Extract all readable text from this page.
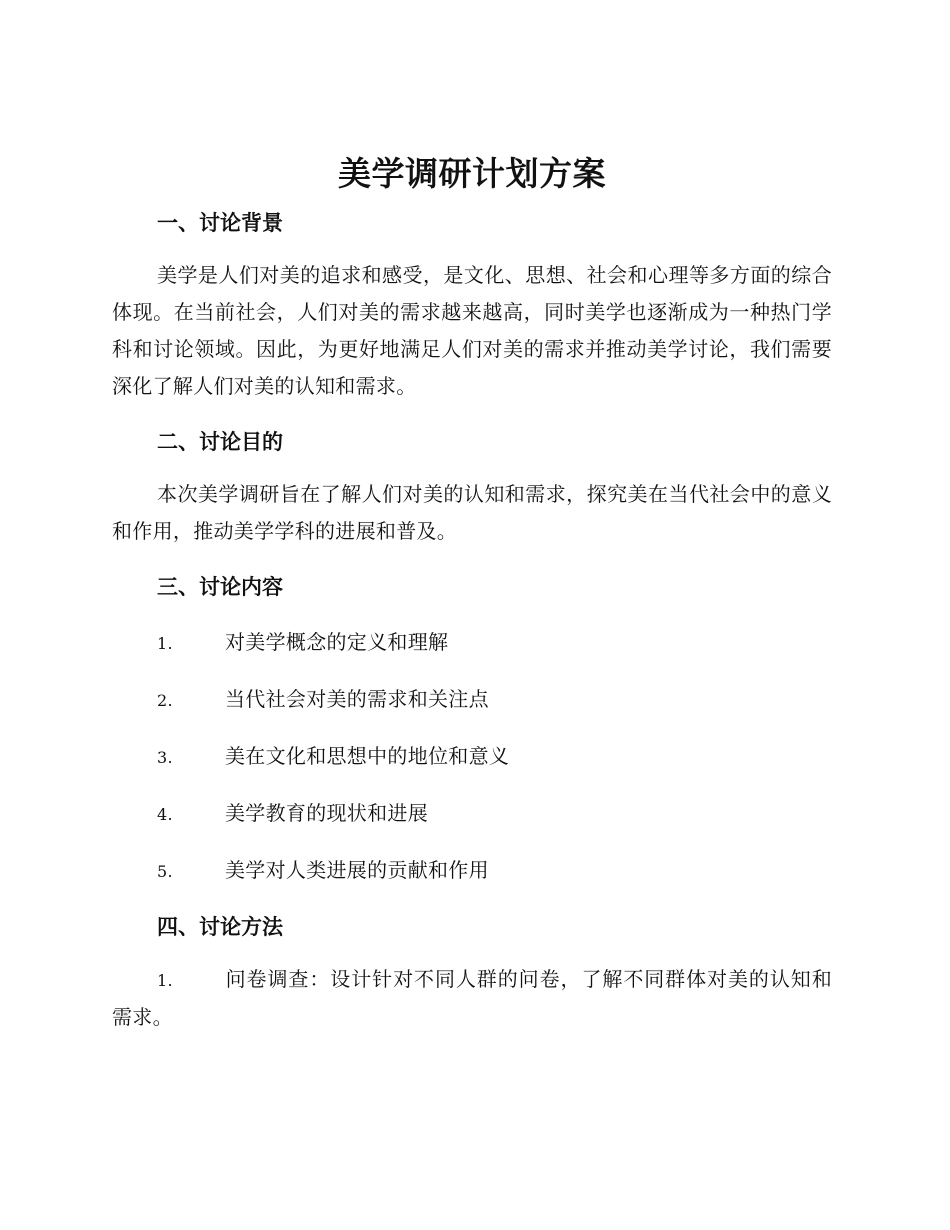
美学调研计划方案
一、讨论背景

美学是人们对美的追求和感受，是文化、思想、社会和心理等多方面的综合体现。在当前社会，人们对美的需求越来越高，同时美学也逐渐成为一种热门学科和讨论领域。因此，为更好地满足人们对美的需求并推动美学讨论，我们需要深化了解人们对美的认知和需求。

二、讨论目的

本次美学调研旨在了解人们对美的认知和需求，探究美在当代社会中的意义和作用，推动美学学科的进展和普及。

三、讨论内容
1.	对美学概念的定义和理解
2.	当代社会对美的需求和关注点
3.	美在文化和思想中的地位和意义
4.	美学教育的现状和进展
5.	美学对人类进展的贡献和作用
四、讨论方法

1.	问卷调查：设计针对不同人群的问卷，了解不同群体对美的认知和需求。
